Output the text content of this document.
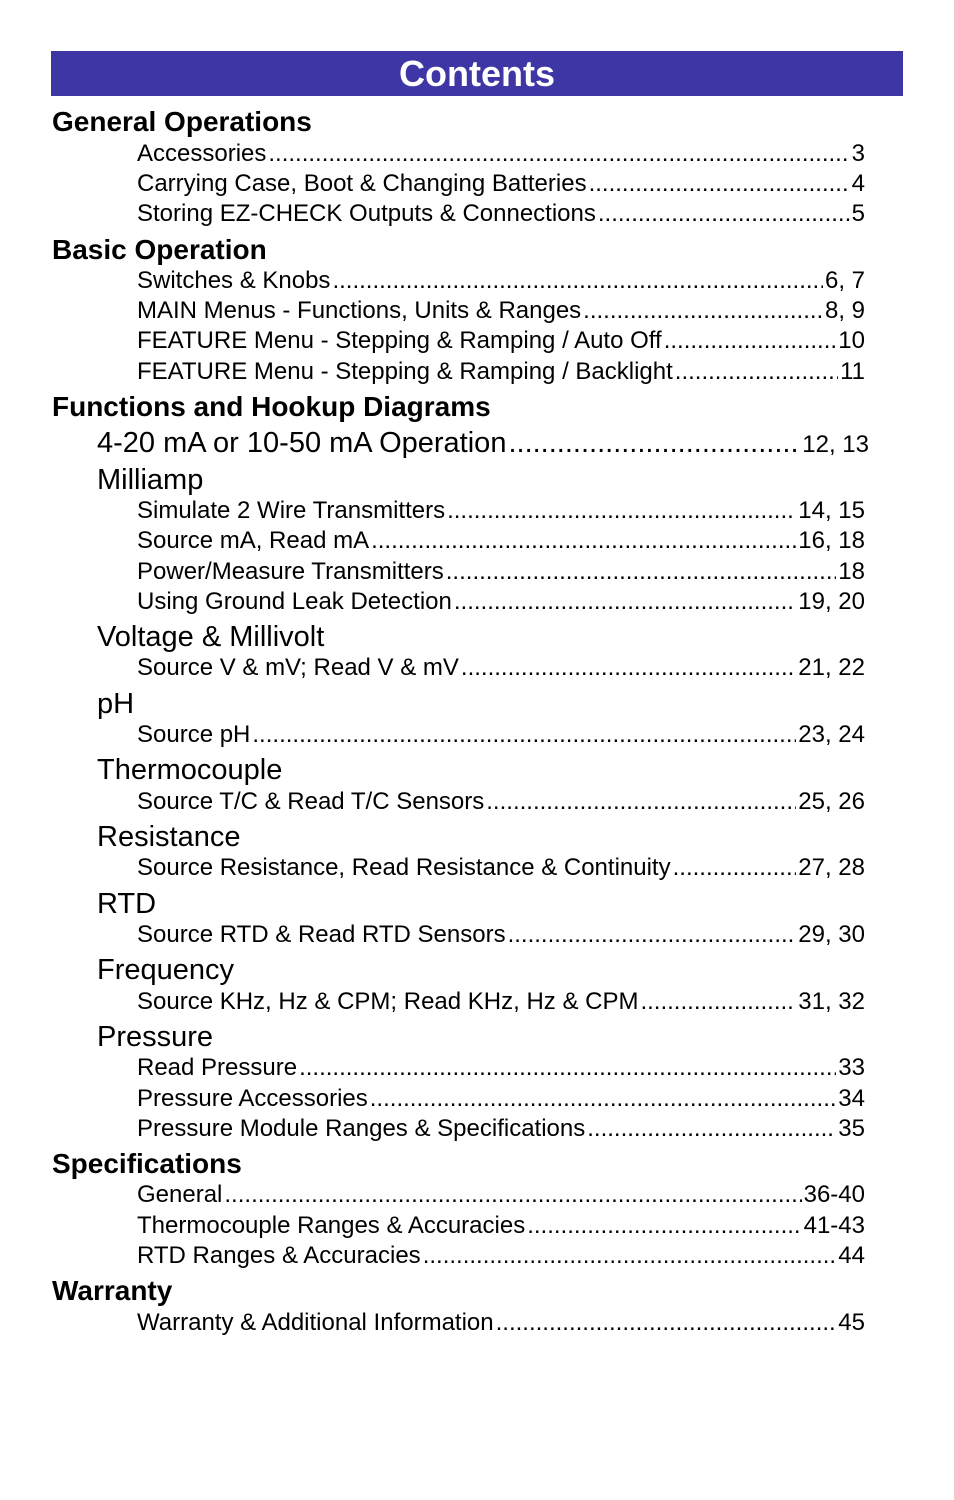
Contents
General Operations
Accessories .....	3
Carrying Case, Boot & Changing Batteries .....	4
Storing EZ-CHECK Outputs & Connections .....	5
Basic Operation
Switches & Knobs .....	6, 7
MAIN Menus - Functions, Units & Ranges .....	8, 9
FEATURE Menu - Stepping & Ramping / Auto Off .....	10
FEATURE Menu - Stepping & Ramping / Backlight .....	11
Functions and Hookup Diagrams
4-20 mA or 10-50 mA Operation .....	12, 13
Milliamp
Simulate 2 Wire Transmitters .....	14, 15
Source mA, Read mA .....	16, 18
Power/Measure Transmitters .....	18
Using Ground Leak Detection .....	19, 20
Voltage & Millivolt
Source V & mV; Read V & mV .....	21, 22
pH
Source pH .....	23, 24
Thermocouple
Source T/C & Read T/C Sensors .....	25, 26
Resistance
Source Resistance, Read Resistance & Continuity .....	27, 28
RTD
Source RTD & Read RTD Sensors .....	29, 30
Frequency
Source KHz, Hz & CPM; Read KHz, Hz & CPM .....	31, 32
Pressure
Read Pressure .....	33
Pressure Accessories .....	34
Pressure Module Ranges & Specifications .....	35
Specifications
General .....	36-40
Thermocouple Ranges & Accuracies .....	41-43
RTD Ranges & Accuracies .....	44
Warranty
Warranty & Additional Information .....	45
